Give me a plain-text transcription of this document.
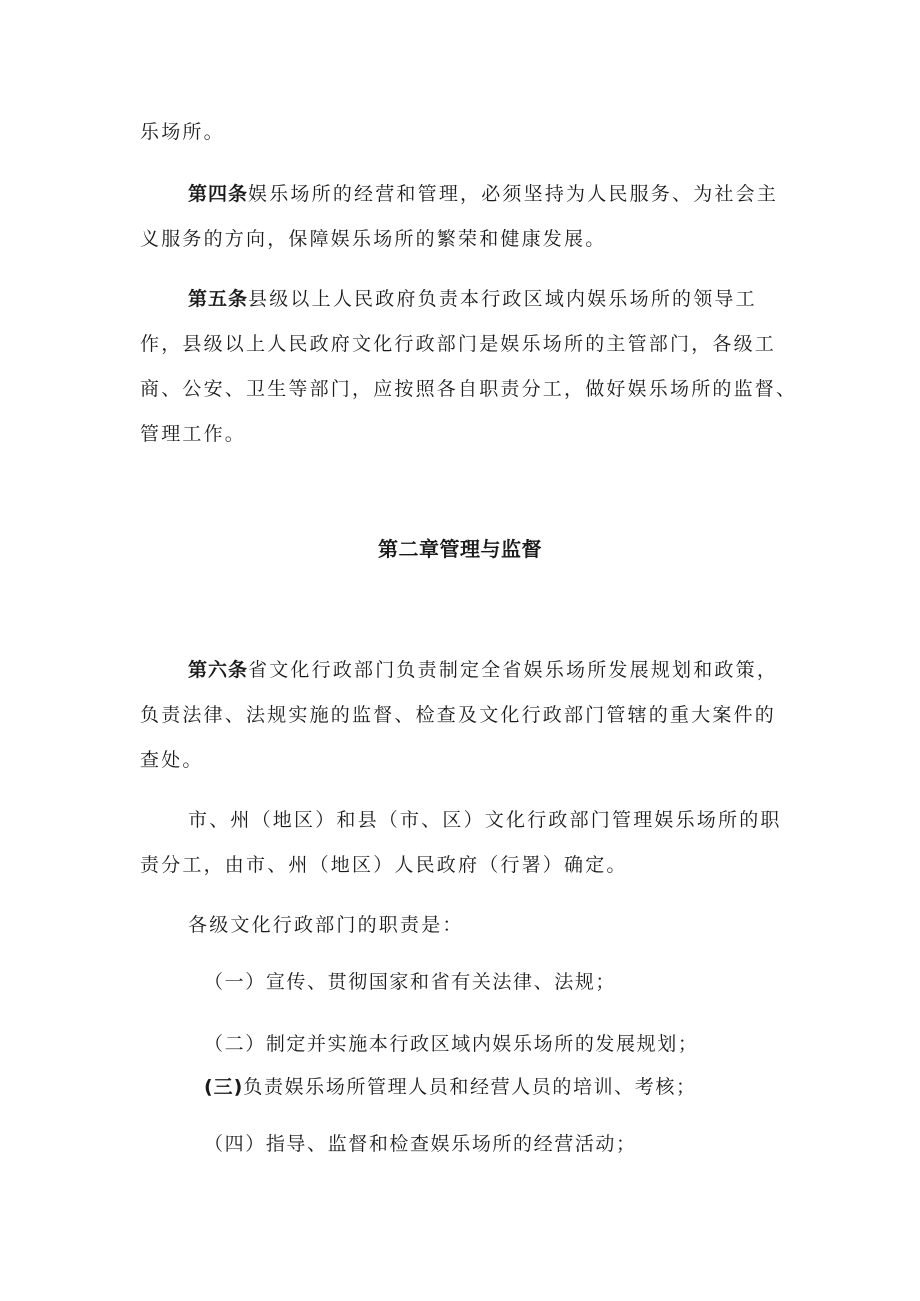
乐场所。

第四条娱乐场所的经营和管理，必须坚持为人民服务、为社会主

义服务的方向，保障娱乐场所的繁荣和健康发展。

第五条县级以上人民政府负责本行政区域内娱乐场所的领导工

作，县级以上人民政府文化行政部门是娱乐场所的主管部门，各级工

商、公安、卫生等部门，应按照各自职责分工，做好娱乐场所的监督、

管理工作。

第二章管理与监督

第六条省文化行政部门负责制定全省娱乐场所发展规划和政策，

负责法律、法规实施的监督、检查及文化行政部门管辖的重大案件的

查处。

市、州（地区）和县（市、区）文化行政部门管理娱乐场所的职

责分工，由市、州（地区）人民政府（行署）确定。

各级文化行政部门的职责是：

（一）宣传、贯彻国家和省有关法律、法规；

（二）制定并实施本行政区域内娱乐场所的发展规划；

(三)负责娱乐场所管理人员和经营人员的培训、考核；

（四）指导、监督和检查娱乐场所的经营活动；
